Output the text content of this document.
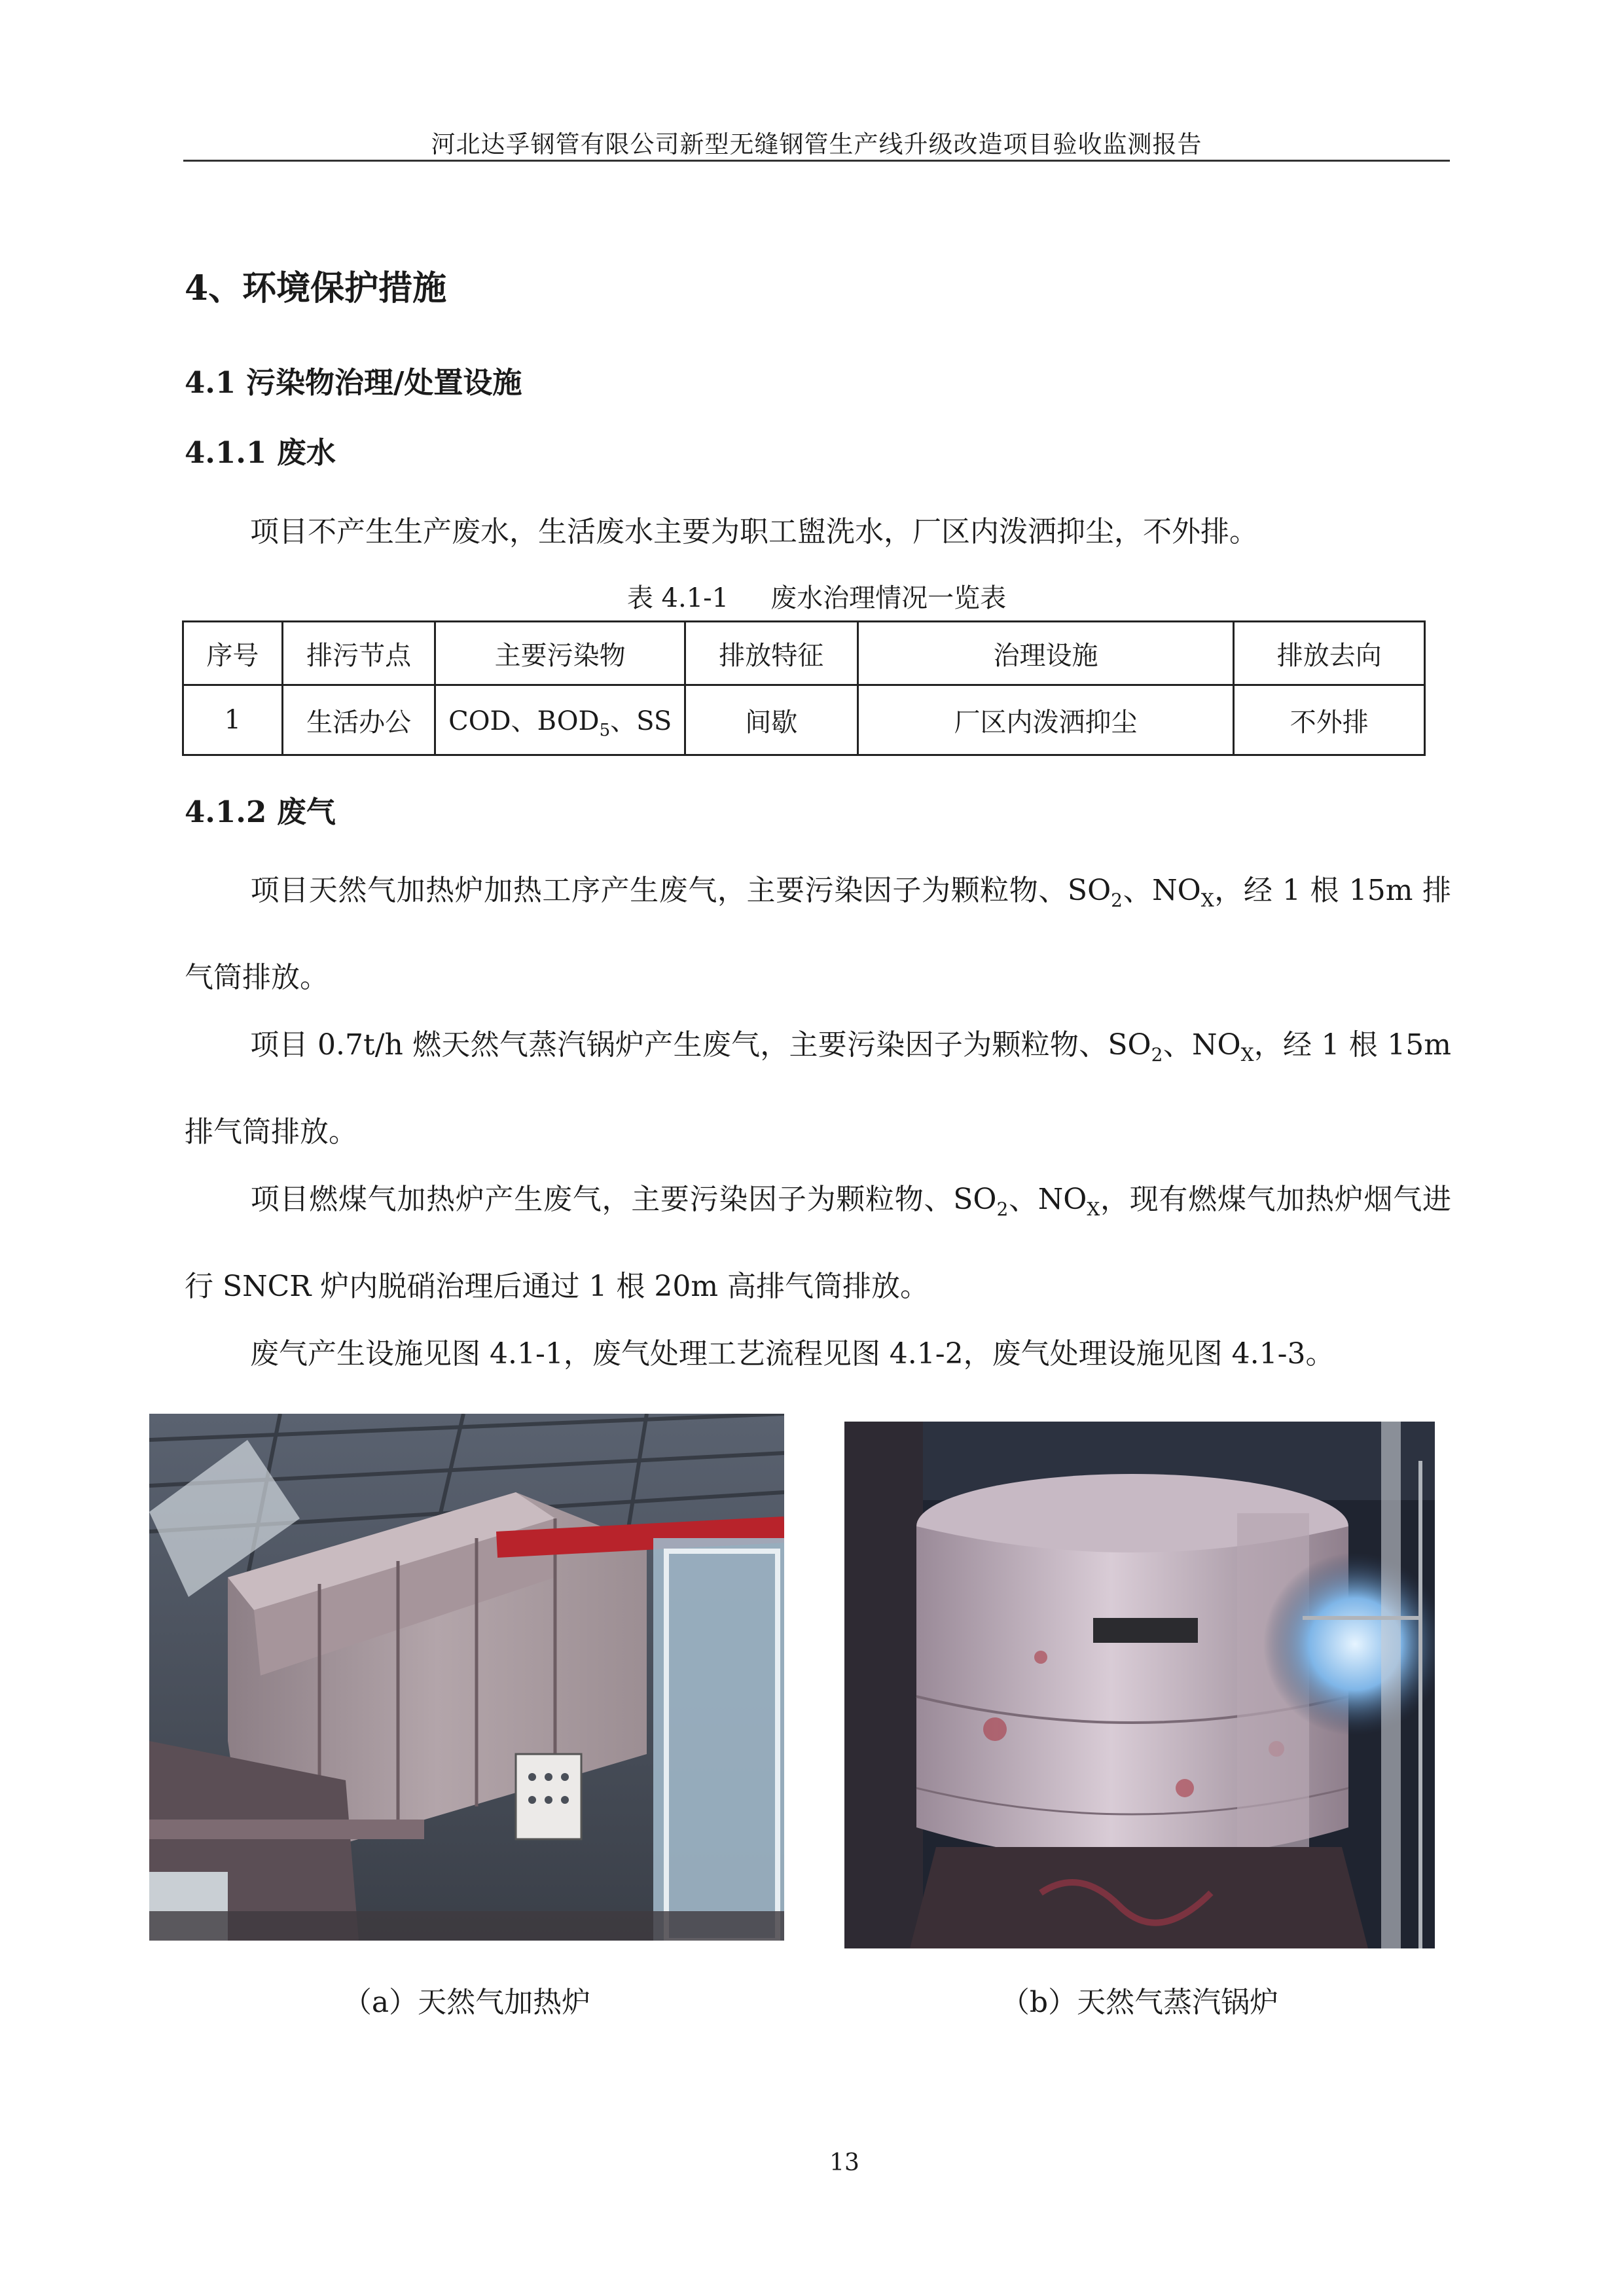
河北达孚钢管有限公司新型无缝钢管生产线升级改造项目验收监测报告
4、环境保护措施
4.1 污染物治理/处置设施
4.1.1 废水
项目不产生生产废水，生活废水主要为职工盥洗水，厂区内泼洒抑尘，不外排。
表 4.1-1 废水治理情况一览表
序号	排污节点	主要污染物	排放特征	治理设施	排放去向
1	生活办公	COD、$BOD_5$、SS	间歇	厂区内泼洒抑尘	不外排
4.1.2 废气
项目天然气加热炉加热工序产生废气，主要污染因子为颗粒物、$SO_2$、$NO_X$，经 1 根 15m 排气筒排放。
项目 0.7t/h 燃天然气蒸汽锅炉产生废气，主要污染因子为颗粒物、$SO_2$、$NO_X$，经 1 根 15m 排气筒排放。
项目燃煤气加热炉产生废气，主要污染因子为颗粒物、$SO_2$、$NO_X$，现有燃煤气加热炉烟气进行 SNCR 炉内脱硝治理后通过 1 根 20m 高排气筒排放。
废气产生设施见图 4.1-1，废气处理工艺流程见图 4.1-2，废气处理设施见图 4.1-3。
（a）天然气加热炉	（b）天然气蒸汽锅炉
13
